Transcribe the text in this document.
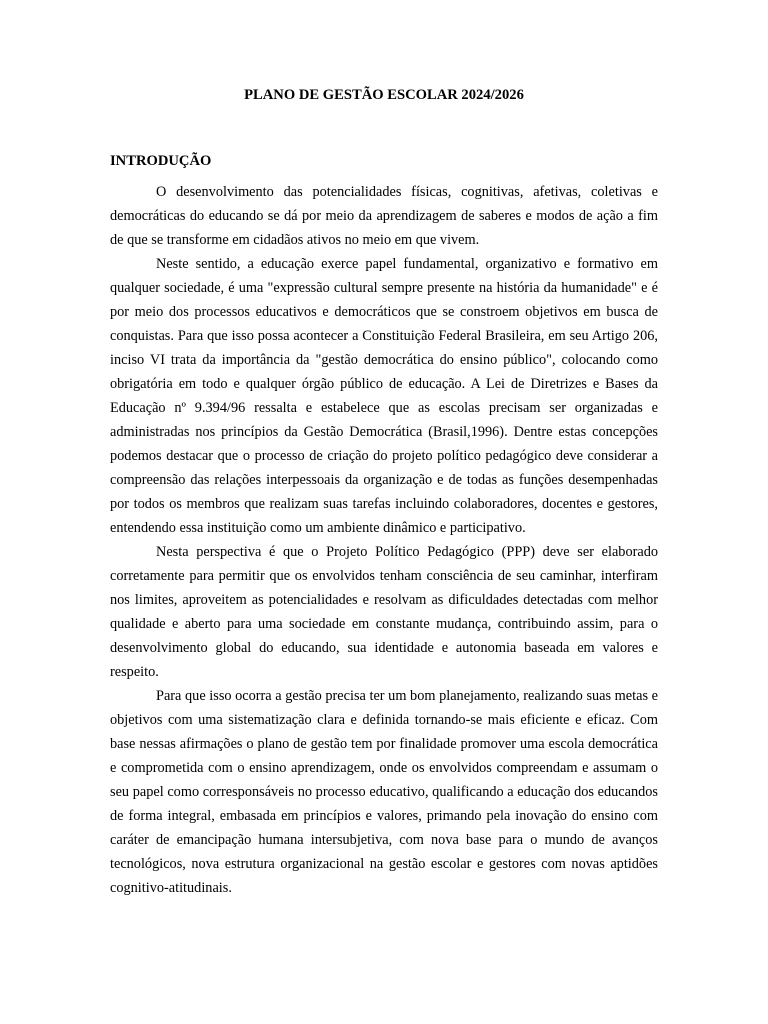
PLANO DE GESTÃO ESCOLAR 2024/2026
INTRODUÇÃO

O desenvolvimento das potencialidades físicas, cognitivas, afetivas, coletivas e democráticas do educando se dá por meio da aprendizagem de saberes e modos de ação a fim de que se transforme em cidadãos ativos no meio em que vivem.

Neste sentido, a educação exerce papel fundamental, organizativo e formativo em qualquer sociedade, é uma "expressão cultural sempre presente na história da humanidade" e é por meio dos processos educativos e democráticos que se constroem objetivos em busca de conquistas. Para que isso possa acontecer a Constituição Federal Brasileira, em seu Artigo 206, inciso VI trata da importância da "gestão democrática do ensino público", colocando como obrigatória em todo e qualquer órgão público de educação. A Lei de Diretrizes e Bases da Educação nº 9.394/96 ressalta e estabelece que as escolas precisam ser organizadas e administradas nos princípios da Gestão Democrática (Brasil,1996). Dentre estas concepções podemos destacar que o processo de criação do projeto político pedagógico deve considerar a compreensão das relações interpessoais da organização e de todas as funções desempenhadas por todos os membros que realizam suas tarefas incluindo colaboradores, docentes e gestores, entendendo essa instituição como um ambiente dinâmico e participativo.

Nesta perspectiva é que o Projeto Político Pedagógico (PPP) deve ser elaborado corretamente para permitir que os envolvidos tenham consciência de seu caminhar, interfiram nos limites, aproveitem as potencialidades e resolvam as dificuldades detectadas com melhor qualidade e aberto para uma sociedade em constante mudança, contribuindo assim, para o desenvolvimento global do educando, sua identidade e autonomia baseada em valores e respeito.

Para que isso ocorra a gestão precisa ter um bom planejamento, realizando suas metas e objetivos com uma sistematização clara e definida tornando-se mais eficiente e eficaz. Com base nessas afirmações o plano de gestão tem por finalidade promover uma escola democrática e comprometida com o ensino aprendizagem, onde os envolvidos compreendam e assumam o seu papel como corresponsáveis no processo educativo, qualificando a educação dos educandos de forma integral, embasada em princípios e valores, primando pela inovação do ensino com caráter de emancipação humana intersubjetiva, com nova base para o mundo de avanços tecnológicos, nova estrutura organizacional na gestão escolar e gestores com novas aptidões cognitivo-atitudinais.
